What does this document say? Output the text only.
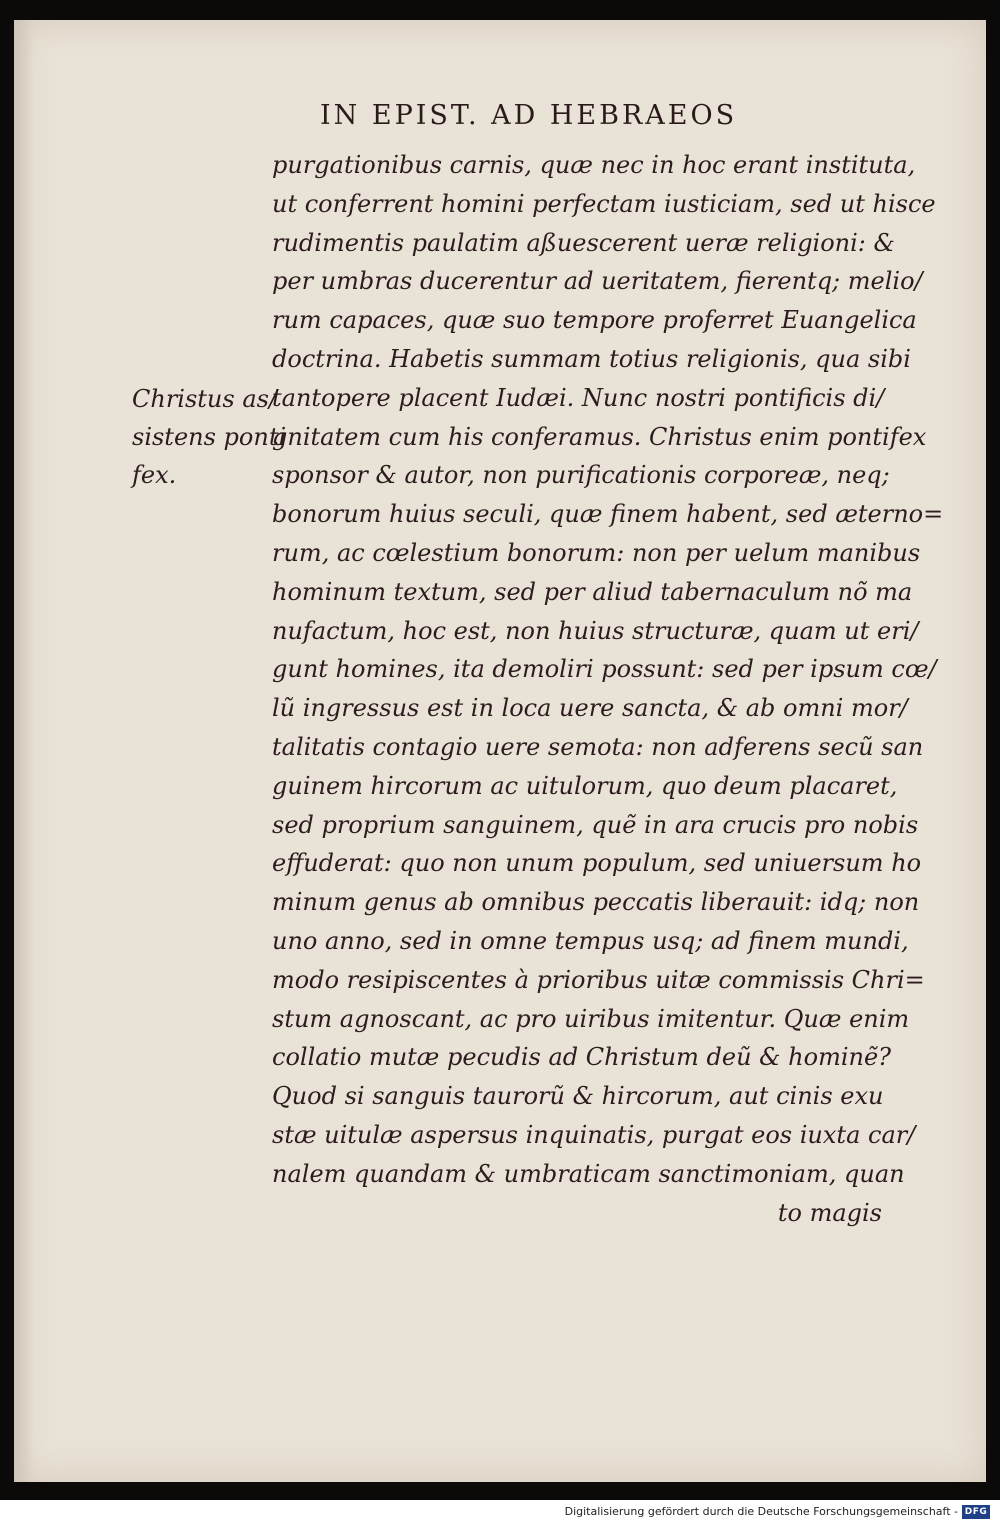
IN EPIST. AD HEBRAEOS
Christus as/
sistens ponti
fex.
purgationibus carnis, quæ nec in hoc erant instituta,
ut conferrent homini perfectam iusticiam, sed ut hisce
rudimentis paulatim aßuescerent ueræ religioni: &
per umbras ducerentur ad ueritatem, fierentq; melio/
rum capaces, quæ suo tempore proferret Euangelica
doctrina. Habetis summam totius religionis, qua sibi
tantopere placent Iudæi. Nunc nostri pontificis di/
gnitatem cum his conferamus. Christus enim pontifex
sponsor & autor, non purificationis corporeæ, neq;
bonorum huius seculi, quæ finem habent, sed æterno=
rum, ac cœlestium bonorum: non per uelum manibus
hominum textum, sed per aliud tabernaculum nõ ma
nufactum, hoc est, non huius structuræ, quam ut eri/
gunt homines, ita demoliri possunt: sed per ipsum cœ/
lũ ingressus est in loca uere sancta, & ab omni mor/
talitatis contagio uere semota: non adferens secũ san
guinem hircorum ac uitulorum, quo deum placaret,
sed proprium sanguinem, quẽ in ara crucis pro nobis
effuderat: quo non unum populum, sed uniuersum ho
minum genus ab omnibus peccatis liberauit: idq; non
uno anno, sed in omne tempus usq; ad finem mundi,
modo resipiscentes à prioribus uitæ commissis Chri=
stum agnoscant, ac pro uiribus imitentur. Quæ enim
collatio mutæ pecudis ad Christum deũ & hominẽ?
Quod si sanguis taurorũ & hircorum, aut cinis exu
stæ uitulæ aspersus inquinatis, purgat eos iuxta car/
nalem quandam & umbraticam sanctimoniam, quan
to magis
Digitalisierung gefördert durch die Deutsche Forschungsgemeinschaft - DFG
